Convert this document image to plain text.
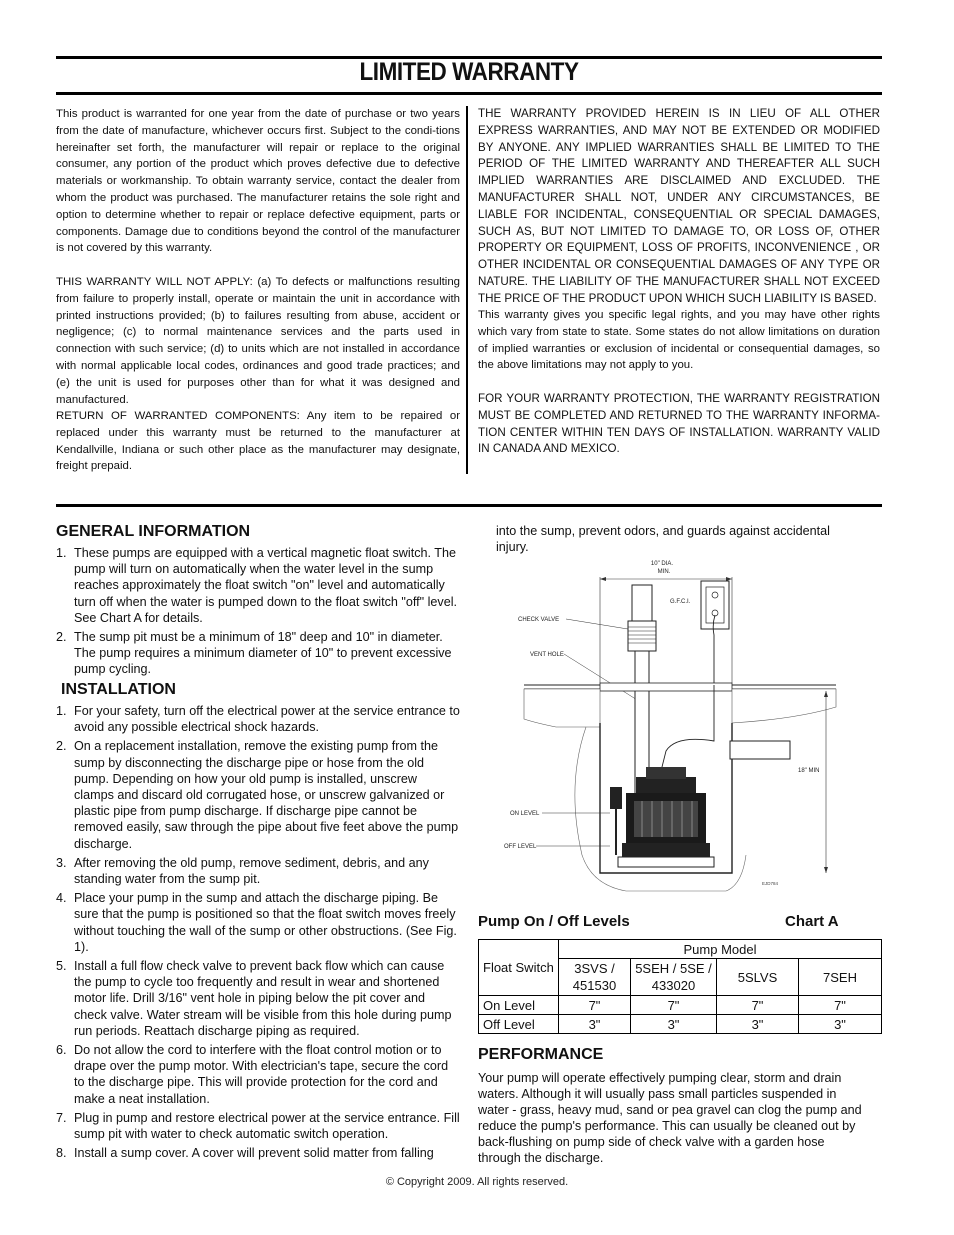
LIMITED WARRANTY
This product is warranted for one year from the date of purchase or two years from the date of manufacture, whichever occurs first. Subject to the condi-tions hereinafter set forth, the manufacturer will repair or replace to the original consumer, any portion of the product which proves defective due to defective materials or workmanship. To obtain warranty service, contact the dealer from whom the product was purchased. The manufacturer retains the sole right and option to determine whether to repair or replace defective equipment, parts or components. Damage due to conditions beyond the control of the manufacturer is not covered by this warranty.
THIS WARRANTY WILL NOT APPLY: (a) To defects or malfunctions resulting from failure to properly install, operate or maintain the unit in accordance with printed instructions provided; (b) to failures resulting from abuse, accident or negligence; (c) to normal maintenance services and the parts used in connection with such service; (d) to units which are not installed in accordance with normal applicable local codes, ordinances and good trade practices; and (e) the unit is used for purposes other than for what it was designed and manufactured.
RETURN OF WARRANTED COMPONENTS: Any item to be repaired or replaced under this warranty must be returned to the manufacturer at Kendallville, Indiana or such other place as the manufacturer may designate, freight prepaid.
THE WARRANTY PROVIDED HEREIN IS IN LIEU OF ALL OTHER EXPRESS WARRANTIES, AND MAY NOT BE EXTENDED OR MODIFIED BY ANYONE. ANY IMPLIED WARRANTIES SHALL BE LIMITED TO THE PERIOD OF THE LIMITED WARRANTY AND THEREAFTER ALL SUCH IMPLIED WARRANTIES ARE DISCLAIMED AND EXCLUDED. THE MANUFACTURER SHALL NOT, UNDER ANY CIRCUMSTANCES, BE LIABLE FOR INCIDENTAL, CONSEQUENTIAL OR SPECIAL DAMAGES, SUCH AS, BUT NOT LIMITED TO DAMAGE TO, OR LOSS OF, OTHER PROPERTY OR EQUIPMENT, LOSS OF PROFITS, INCONVENIENCE , OR OTHER INCIDENTAL OR CONSEQUENTIAL DAMAGES OF ANY TYPE OR NATURE. THE LIABILITY OF THE MANUFACTURER SHALL NOT EXCEED THE PRICE OF THE PRODUCT UPON WHICH SUCH LIABILITY IS BASED.
This warranty gives you specific legal rights, and you may have other rights which vary from state to state. Some states do not allow limitations on duration of implied warranties or exclusion of incidental or consequential damages, so the above limitations may not apply to you.
FOR YOUR WARRANTY PROTECTION, THE WARRANTY REGISTRATION MUST BE COMPLETED AND RETURNED TO THE WARRANTY INFORMA-TION CENTER WITHIN TEN DAYS OF INSTALLATION. WARRANTY VALID IN CANADA AND MEXICO.
GENERAL INFORMATION
1. These pumps are equipped with a vertical magnetic float switch. The pump will turn on automatically when the water level in the sump reaches approximately the float switch "on" level and automatically turn off when the water is pumped down to the float switch "off" level. See Chart A for details.
2. The sump pit must be a minimum of 18" deep and 10" in diameter. The pump requires a minimum diameter of 10" to prevent excessive pump cycling.
INSTALLATION
1. For your safety, turn off the electrical power at the service entrance to avoid any possible electrical shock hazards.
2. On a replacement installation, remove the existing pump from the sump by disconnecting the discharge pipe or hose from the old pump. Depending on how your old pump is installed, unscrew clamps and discard old corrugated hose, or unscrew galvanized or plastic pipe from pump discharge. If discharge pipe cannot be removed easily, saw through the pipe about five feet above the pump discharge.
3. After removing the old pump, remove sediment, debris, and any standing water from the sump pit.
4. Place your pump in the sump and attach the discharge piping. Be sure that the pump is positioned so that the float switch moves freely without touching the wall of the sump or other obstructions. (See Fig. 1).
5. Install a full flow check valve to prevent back flow which can cause the pump to cycle too frequently and result in wear and shortened motor life. Drill 3/16" vent hole in piping below the pit cover and check valve. Water stream will be visible from this hole during pump run periods. Reattach discharge piping as required.
6. Do not allow the cord to interfere with the float control motion or to drape over the pump motor. With electrician's tape, secure the cord to the discharge pipe. This will provide protection for the cord and make a neat installation.
7. Plug in pump and restore electrical power at the service entrance. Fill sump pit with water to check automatic switch operation.
8. Install a sump cover. A cover will prevent solid matter from falling
into the sump, prevent odors, and guards against accidental injury.
10" DIA.
MIN.
G.F.C.I.
CHECK VALVE
VENT HOLE
18" MIN
ON LEVEL
OFF LEVEL
EJD784
Pump On / Off Levels	Chart A
Float Switch	Pump Model			
	3SVS / 451530	5SEH / 5SE / 433020	5SLVS	7SEH
On Level	7"	7"	7"	7"
Off Level	3"	3"	3"	3"
PERFORMANCE
Your pump will operate effectively pumping clear, storm and drain waters. Although it will usually pass small particles suspended in water - grass, heavy mud, sand or pea gravel can clog the pump and reduce the pump's performance. This can usually be cleaned out by back-flushing on pump side of check valve with a garden hose through the discharge.
© Copyright 2009. All rights reserved.
